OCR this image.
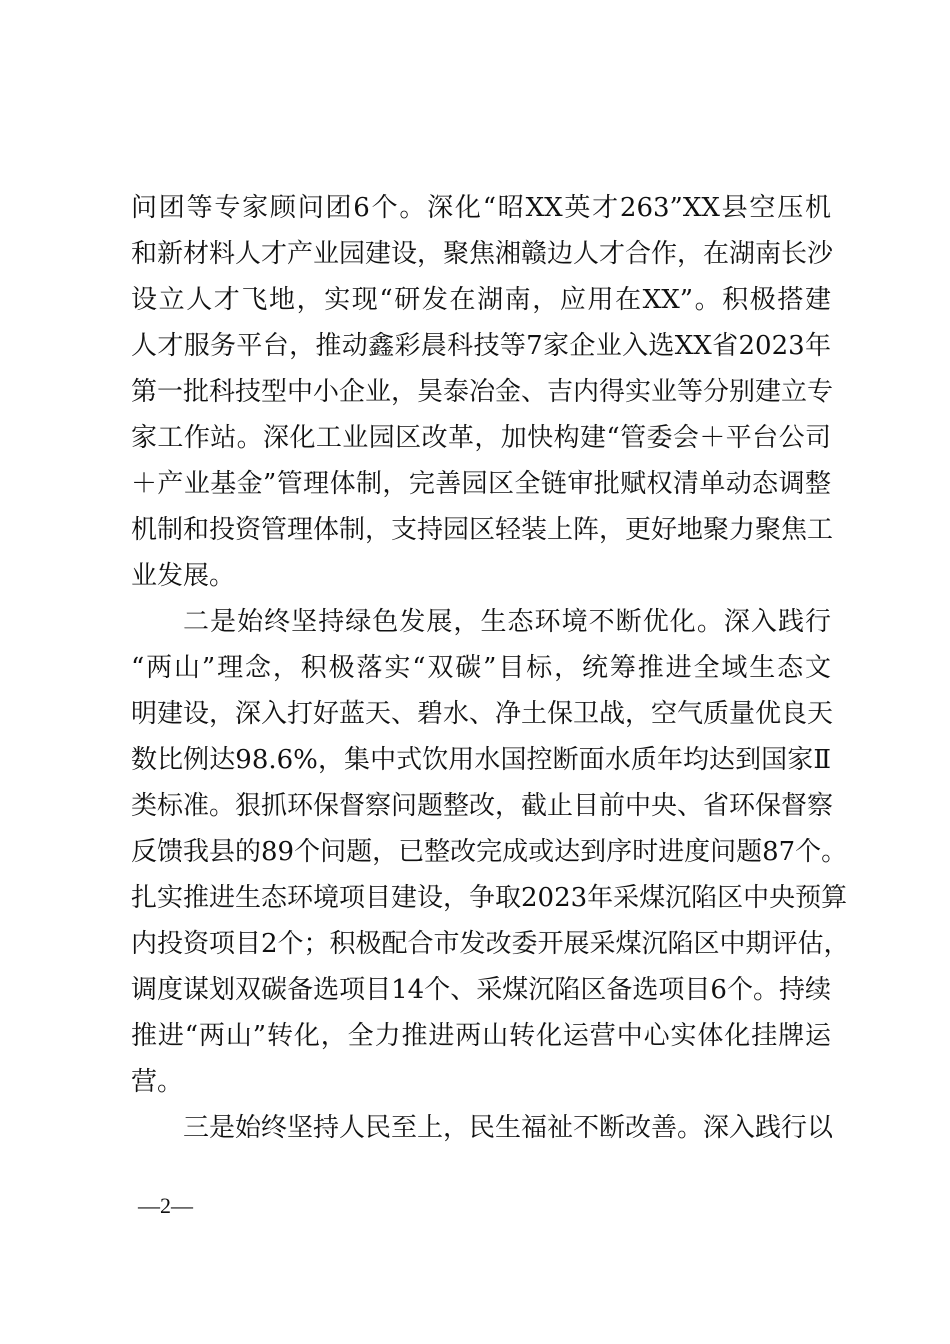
问团等专家顾问团6个。深化“昭XX英才263”XX县空压机
和新材料人才产业园建设，聚焦湘赣边人才合作，在湖南长沙
设立人才飞地，实现“研发在湖南，应用在XX”。积极搭建
人才服务平台，推动鑫彩晨科技等7家企业入选XX省2023年
第一批科技型中小企业，昊泰冶金、吉内得实业等分别建立专
家工作站。深化工业园区改革，加快构建“管委会＋平台公司
＋产业基金”管理体制，完善园区全链审批赋权清单动态调整
机制和投资管理体制，支持园区轻装上阵，更好地聚力聚焦工
业发展。
二是始终坚持绿色发展，生态环境不断优化。深入践行
“两山”理念，积极落实“双碳”目标，统筹推进全域生态文
明建设，深入打好蓝天、碧水、净土保卫战，空气质量优良天
数比例达98.6%，集中式饮用水国控断面水质年均达到国家Ⅱ
类标准。狠抓环保督察问题整改，截止目前中央、省环保督察
反馈我县的89个问题，已整改完成或达到序时进度问题87个。
扎实推进生态环境项目建设，争取2023年采煤沉陷区中央预算
内投资项目2个；积极配合市发改委开展采煤沉陷区中期评估，
调度谋划双碳备选项目14个、采煤沉陷区备选项目6个。持续
推进“两山”转化，全力推进两山转化运营中心实体化挂牌运
营。
三是始终坚持人民至上，民生福祉不断改善。深入践行以
—2—
